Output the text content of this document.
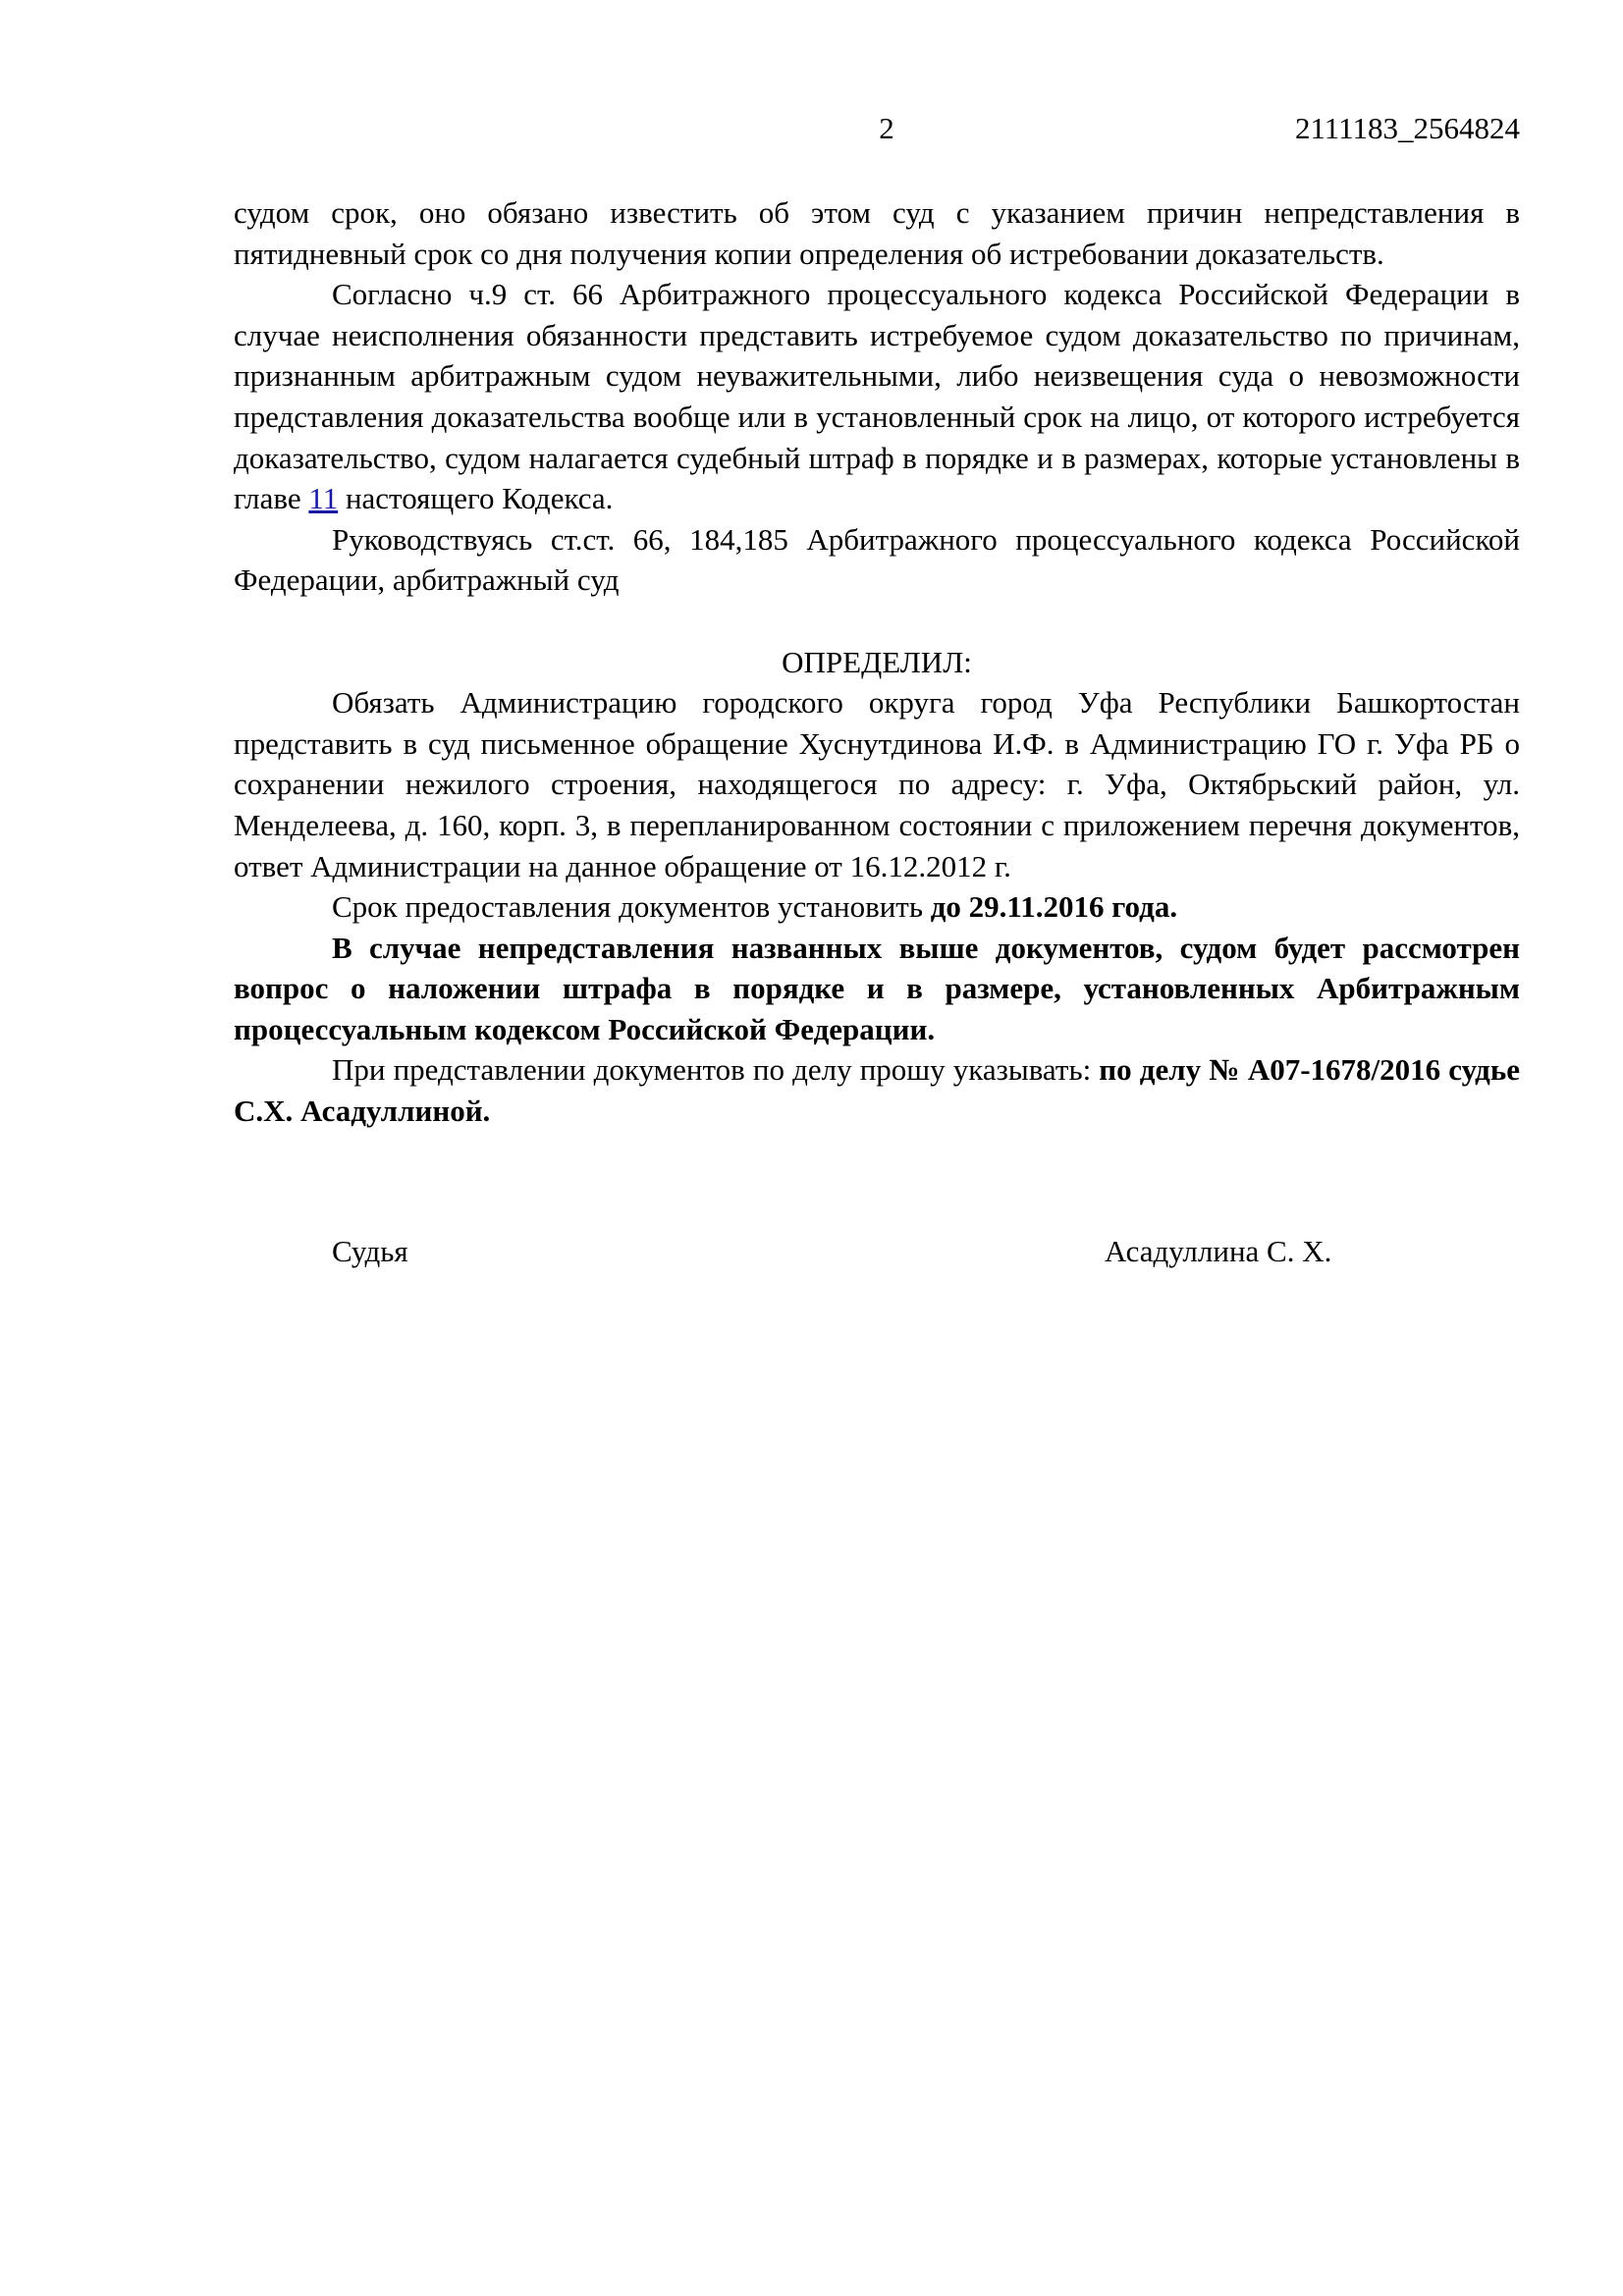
2	2111183_2564824

судом срок, оно обязано известить об этом суд с указанием причин непредставления в пятидневный срок со дня получения копии определения об истребовании доказательств.

Согласно ч.9 ст. 66 Арбитражного процессуального кодекса Российской Федерации в случае неисполнения обязанности представить истребуемое судом доказательство по причинам, признанным арбитражным судом неуважительными, либо неизвещения суда о невозможности представления доказательства вообще или в установленный срок на лицо, от которого истребуется доказательство, судом налагается судебный штраф в порядке и в размерах, которые установлены в главе 11 настоящего Кодекса.

Руководствуясь ст.ст. 66, 184,185 Арбитражного процессуального кодекса Российской Федерации, арбитражный суд

ОПРЕДЕЛИЛ:

Обязать Администрацию городского округа город Уфа Республики Башкортостан представить в суд письменное обращение Хуснутдинова И.Ф. в Администрацию ГО г. Уфа РБ о сохранении нежилого строения, находящегося по адресу: г. Уфа, Октябрьский район, ул. Менделеева, д. 160, корп. 3, в перепланированном состоянии с приложением перечня документов, ответ Администрации на данное обращение от 16.12.2012 г.

Срок предоставления документов установить до 29.11.2016 года.

В случае непредставления названных выше документов, судом будет рассмотрен вопрос о наложении штрафа в порядке и в размере, установленных Арбитражным процессуальным кодексом Российской Федерации.

При представлении документов по делу прошу указывать: по делу № А07-1678/2016 судье С.Х. Асадуллиной.

Судья	Асадуллина С. Х.
